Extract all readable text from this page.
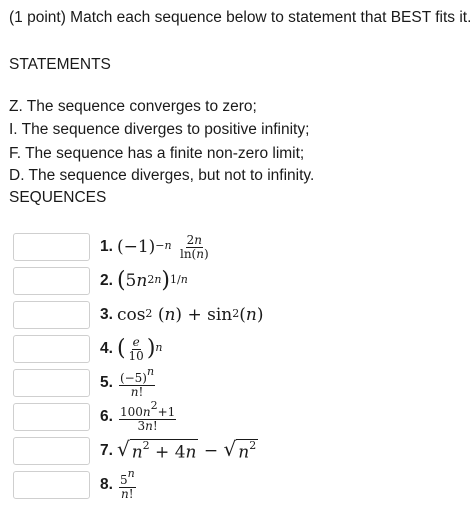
(1 point) Match each sequence below to statement that BEST fits it.
STATEMENTS
Z. The sequence converges to zero;
I. The sequence diverges to positive infinity;
F. The sequence has a finite non-zero limit;
D. The sequence diverges, but not to infinity.
SEQUENCES
1. $(-1)^{-n}$
$\frac{2n}{\ln(n)}$
2. ( 5 $n^{2n}$ )$^{1/n}$
3. $\cos^2$ ( n ) + $\sin^2$ ( n )
4. ( $\frac{e}{10} )^n$
5. $\frac{(-5)^n}{n!}$
6. $\frac{100n^2+1}{3n!}$
7. √ $n^2 + 4n$ − √ $n^2$
8. $\frac{5^n}{n!}$
